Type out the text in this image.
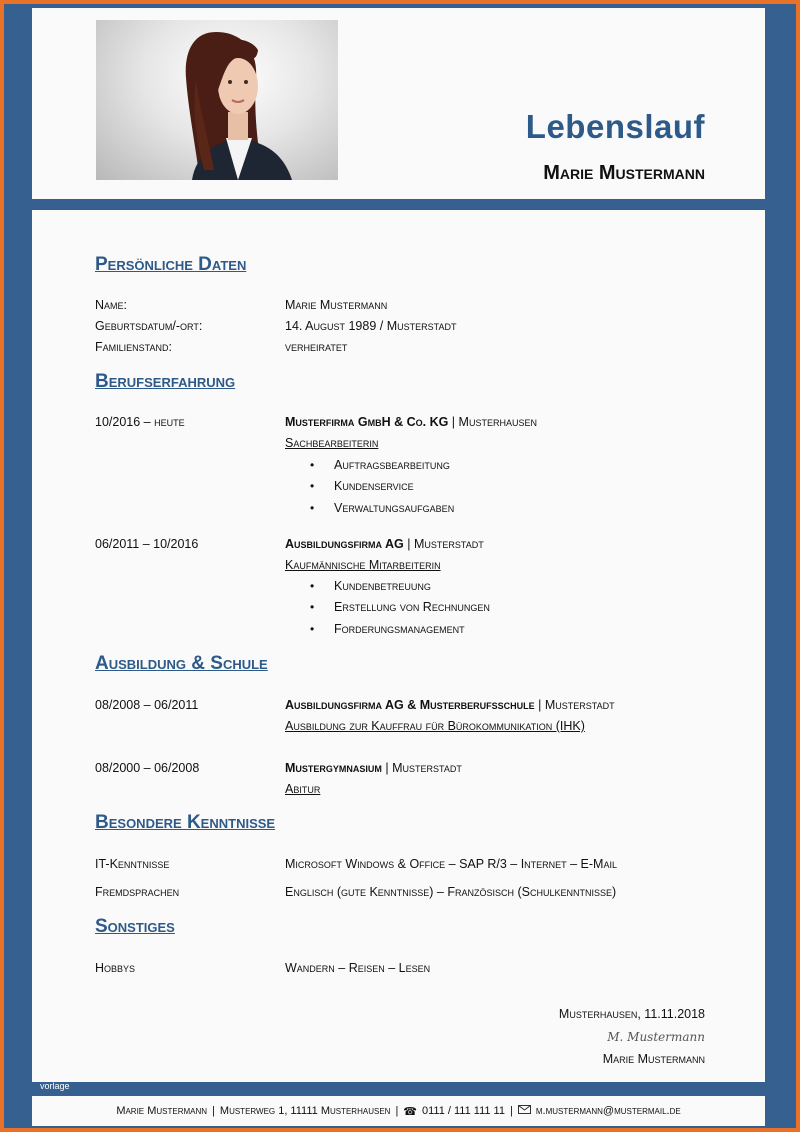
Lebenslauf
Marie Mustermann
Persönliche Daten
Name:	Marie Mustermann
Geburtsdatum/-ort:	14. August 1989 / Musterstadt
Familienstand:	verheiratet
Berufserfahrung
10/2016 – heute	Musterfirma GmbH & Co. KG | Musterhausen
Sachbearbeiterin
• Auftragsbearbeitung
• Kundenservice
• Verwaltungsaufgaben
06/2011 – 10/2016	Ausbildungsfirma AG | Musterstadt
Kaufmännische Mitarbeiterin
• Kundenbetreuung
• Erstellung von Rechnungen
• Forderungsmanagement
Ausbildung & Schule
08/2008 – 06/2011	Ausbildungsfirma AG & Musterberufsschule | Musterstadt
Ausbildung zur Kauffrau für Bürokommunikation (IHK)
08/2000 – 06/2008	Mustergymnasium | Musterstadt
Abitur
Besondere Kenntnisse
IT-Kenntnisse	Microsoft Windows & Office – SAP R/3 – Internet – E-Mail
Fremdsprachen	Englisch (gute Kenntnisse) – Französisch (Schulkenntnisse)
Sonstiges
Hobbys	Wandern – Reisen – Lesen
Musterhausen, 11.11.2018
M. Mustermann
Marie Mustermann
vorlage
Marie Mustermann | Musterweg 1, 11111 Musterhausen | ☎ 0111 / 111 111 11 | m.mustermann@mustermail.de
